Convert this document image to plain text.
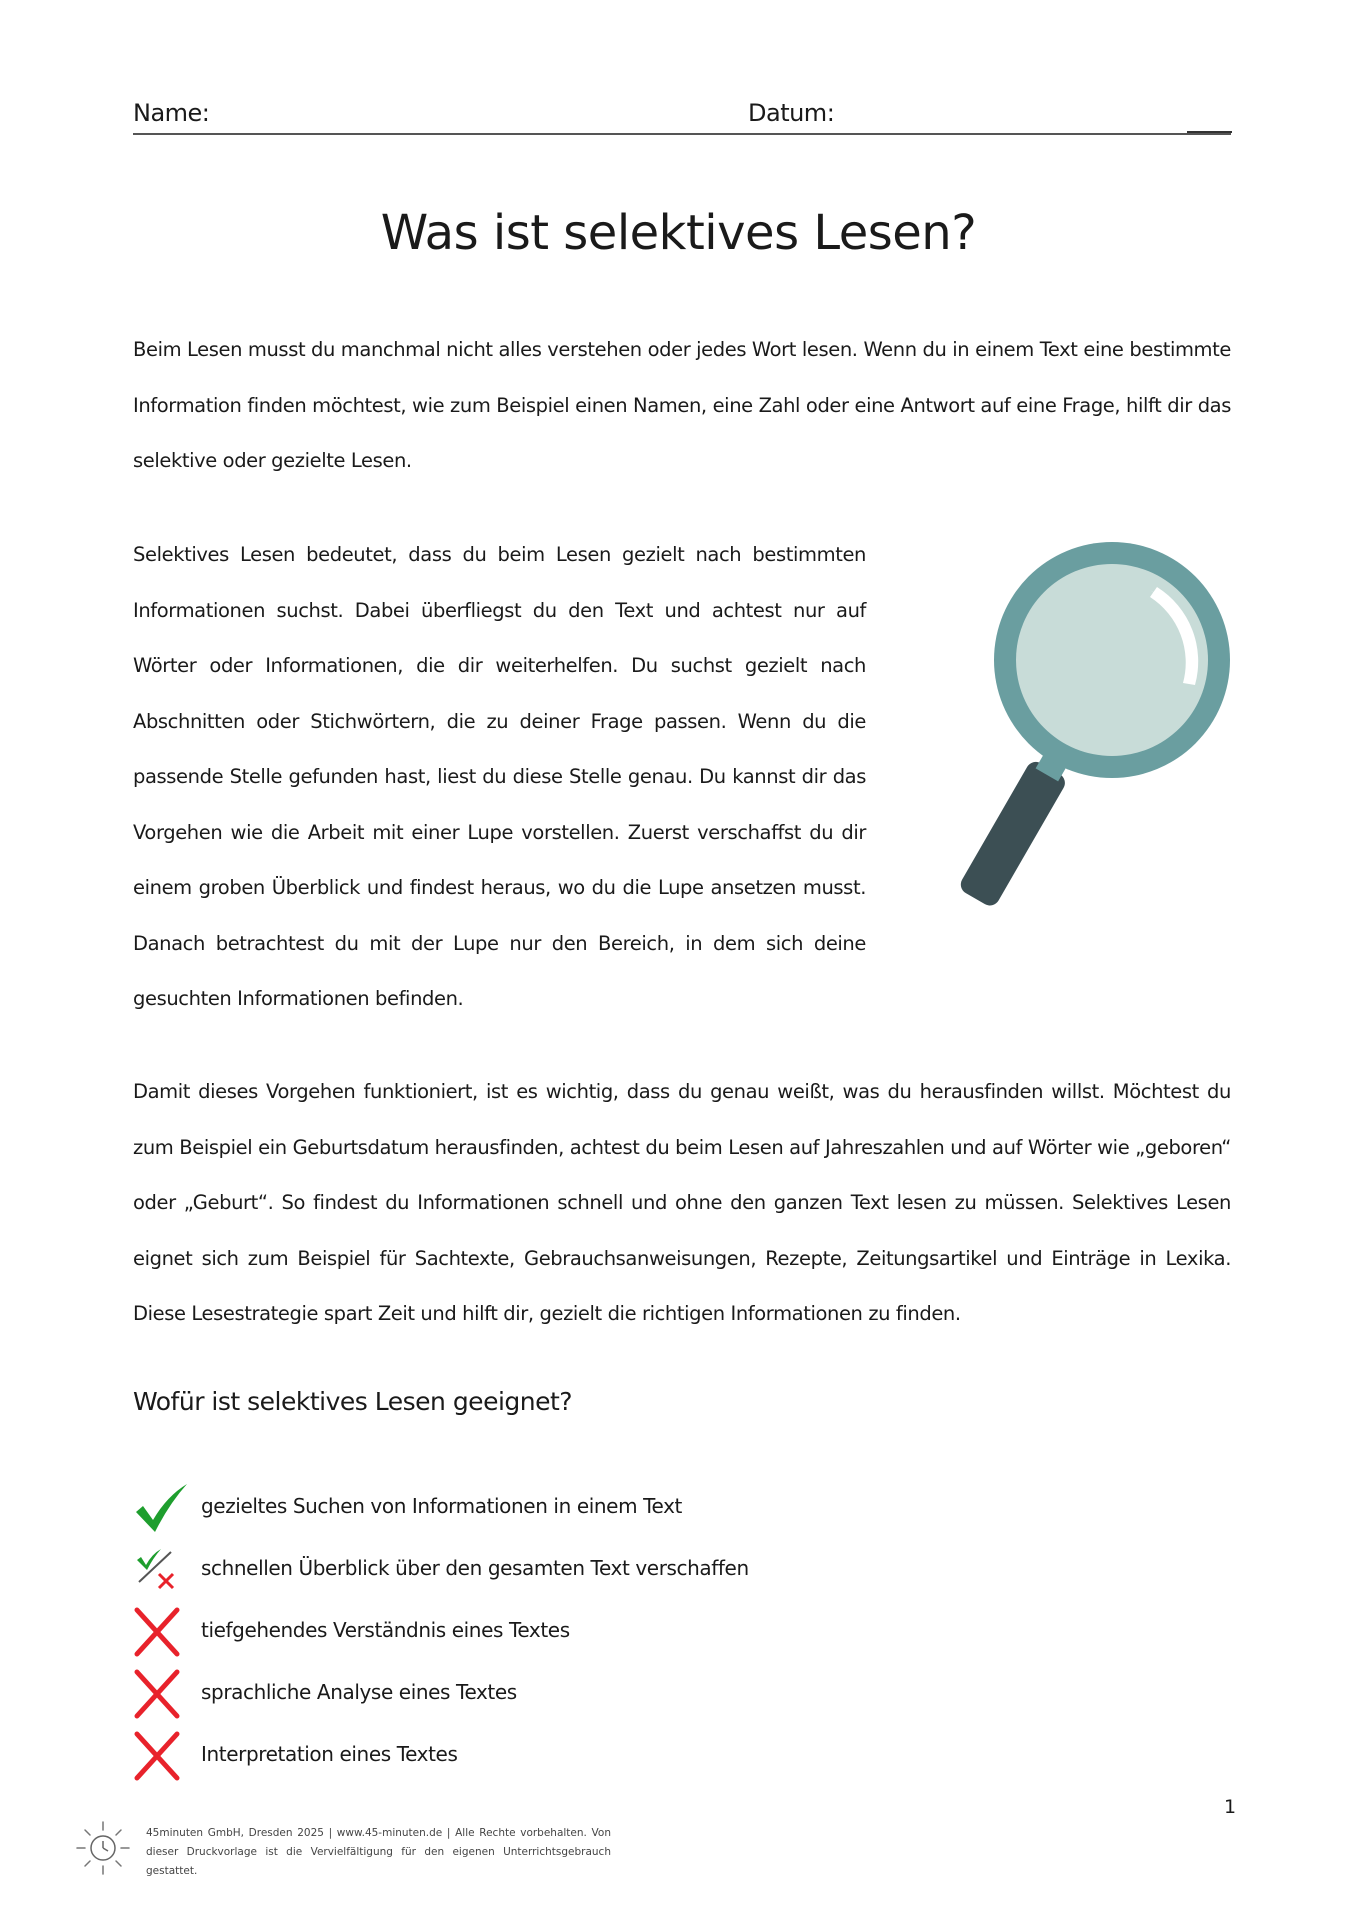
Name:	Datum:
Was ist selektives Lesen?

Beim Lesen musst du manchmal nicht alles verstehen oder jedes Wort lesen. Wenn du in einem Text eine bestimmte Information finden möchtest, wie zum Beispiel einen Namen, eine Zahl oder eine Antwort auf eine Frage, hilft dir das selektive oder gezielte Lesen.

Selektives Lesen bedeutet, dass du beim Lesen gezielt nach bestimmten Informationen suchst. Dabei überfliegst du den Text und achtest nur auf Wörter oder Informationen, die dir weiterhelfen. Du suchst gezielt nach Abschnitten oder Stichwörtern, die zu deiner Frage passen. Wenn du die passende Stelle gefunden hast, liest du diese Stelle genau. Du kannst dir das Vorgehen wie die Arbeit mit einer Lupe vorstellen. Zuerst verschaffst du dir einem groben Überblick und findest heraus, wo du die Lupe ansetzen musst. Danach betrachtest du mit der Lupe nur den Bereich, in dem sich deine gesuchten Informationen befinden.

Damit dieses Vorgehen funktioniert, ist es wichtig, dass du genau weißt, was du herausfinden willst. Möchtest du zum Beispiel ein Geburtsdatum herausfinden, achtest du beim Lesen auf Jahreszahlen und auf Wörter wie „geboren“ oder „Geburt“. So findest du Informationen schnell und ohne den ganzen Text lesen zu müssen. Selektives Lesen eignet sich zum Beispiel für Sachtexte, Gebrauchsanweisungen, Rezepte, Zeitungsartikel und Einträge in Lexika. Diese Lesestrategie spart Zeit und hilft dir, gezielt die richtigen Informationen zu finden.

Wofür ist selektives Lesen geeignet?
gezieltes Suchen von Informationen in einem Text
schnellen Überblick über den gesamten Text verschaffen
tiefgehendes Verständnis eines Textes
sprachliche Analyse eines Textes
Interpretation eines Textes
1

45minuten GmbH, Dresden 2025 | www.45-minuten.de | Alle Rechte vorbehalten. Von dieser Druckvorlage ist die Vervielfältigung für den eigenen Unterrichtsgebrauch gestattet.
